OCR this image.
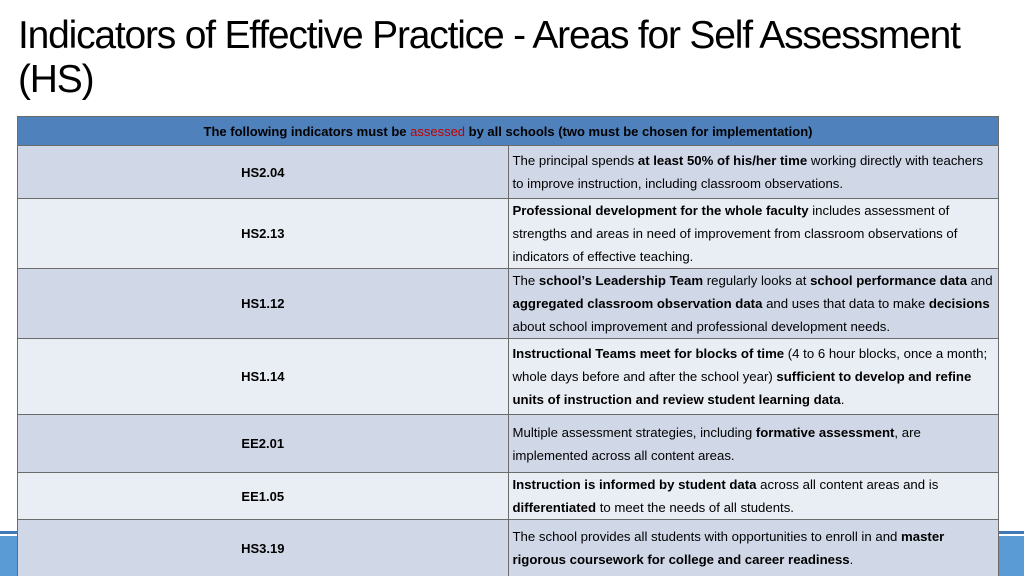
Indicators of Effective Practice - Areas for Self Assessment (HS)
The following indicators must be assessed by all schools (two must be chosen for implementation)	
HS2.04	The principal spends at least 50% of his/her time working directly with teachers to improve instruction, including classroom observations.
HS2.13	Professional development for the whole faculty includes assessment of strengths and areas in need of improvement from classroom observations of indicators of effective teaching.
HS1.12	The school’s Leadership Team regularly looks at school performance data and aggregated classroom observation data and uses that data to make decisions about school improvement and professional development needs.
HS1.14	Instructional Teams meet for blocks of time (4 to 6 hour blocks, once a month; whole days before and after the school year) sufficient to develop and refine units of instruction and review student learning data.
EE2.01	Multiple assessment strategies, including formative assessment, are implemented across all content areas.
EE1.05	Instruction is informed by student data across all content areas and is differentiated to meet the needs of all students.
HS3.19	The school provides all students with opportunities to enroll in and master rigorous coursework for college and career readiness.
